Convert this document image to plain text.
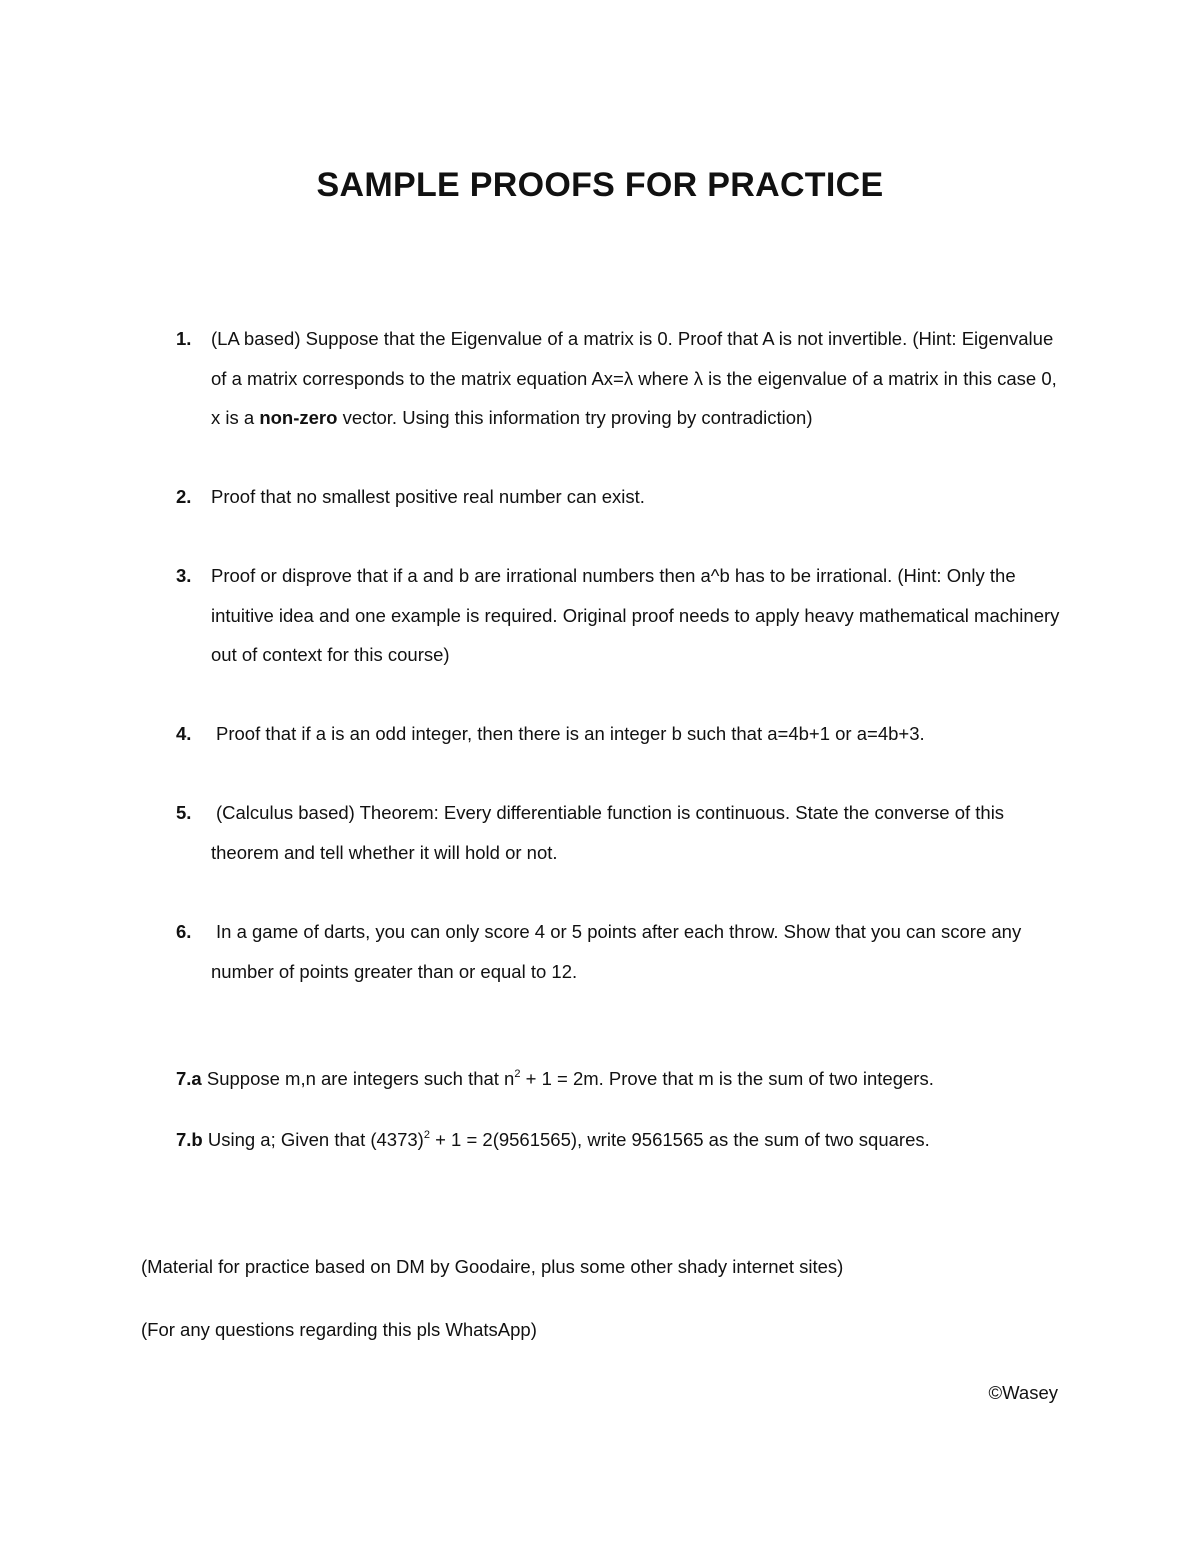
SAMPLE PROOFS FOR PRACTICE
1.	(LA based) Suppose that the Eigenvalue of a matrix is 0. Proof that A is not invertible. (Hint: Eigenvalue of a matrix corresponds to the matrix equation Ax=λ where λ is the eigenvalue of a matrix in this case 0, x is a non-zero vector. Using this information try proving by contradiction)
2.	Proof that no smallest positive real number can exist.
3.	Proof or disprove that if a and b are irrational numbers then a^b has to be irrational. (Hint: Only the intuitive idea and one example is required. Original proof needs to apply heavy mathematical machinery out of context for this course)
4.	Proof that if a is an odd integer, then there is an integer b such that a=4b+1 or a=4b+3.
5.	(Calculus based) Theorem: Every differentiable function is continuous. State the converse of this theorem and tell whether it will hold or not.
6.	In a game of darts, you can only score 4 or 5 points after each throw. Show that you can score any number of points greater than or equal to 12.

7.a Suppose m,n are integers such that $n^2 + 1 = 2m$. Prove that m is the sum of two integers.

7.b Using a; Given that $(4373)^2 + 1 = 2(9561565)$, write 9561565 as the sum of two squares.

(Material for practice based on DM by Goodaire, plus some other shady internet sites)

(For any questions regarding this pls WhatsApp)

©Wasey
